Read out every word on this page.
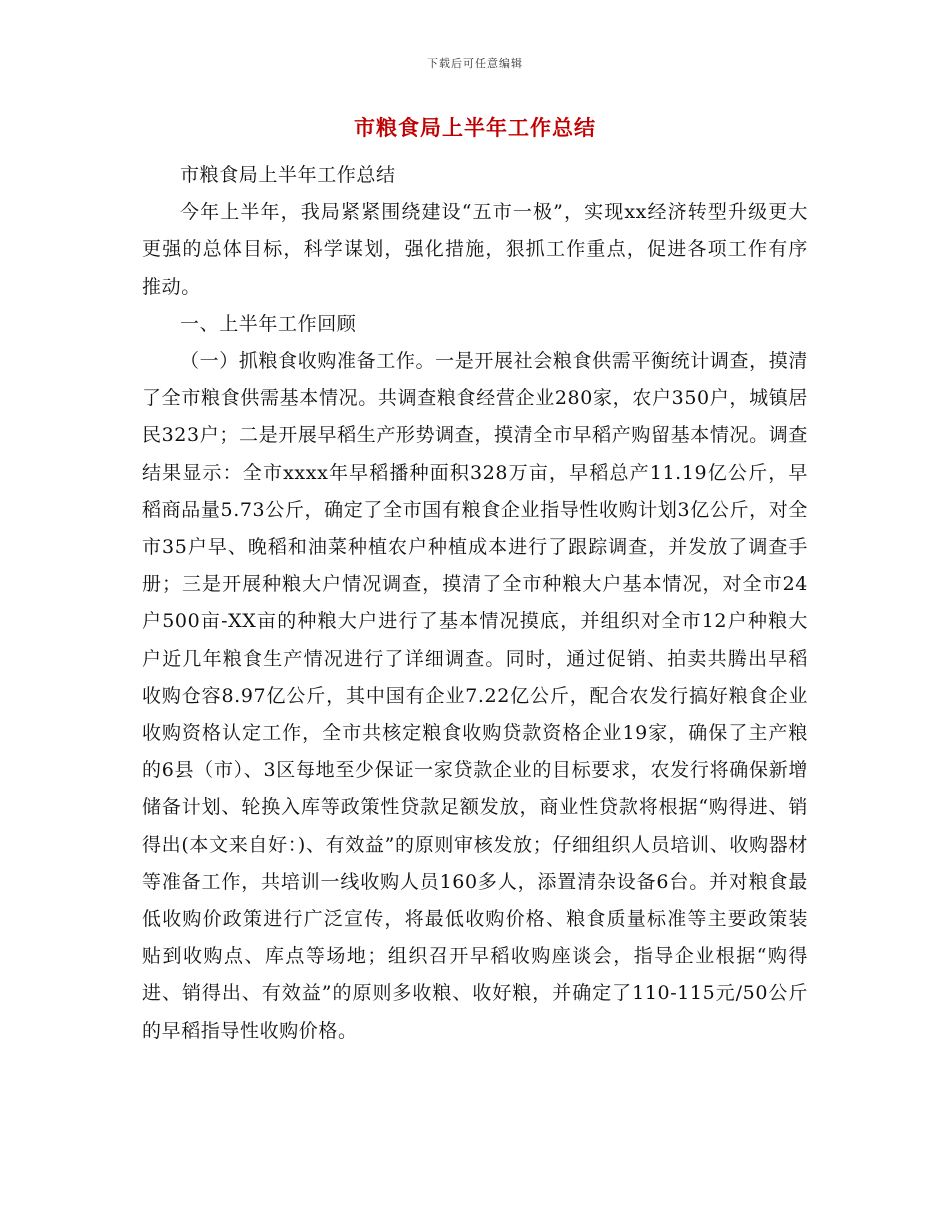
下载后可任意编辑
市粮食局上半年工作总结

市粮食局上半年工作总结

今年上半年，我局紧紧围绕建设“五市一极”，实现xx经济转型升级更大更强的总体目标，科学谋划，强化措施，狠抓工作重点，促进各项工作有序推动。

一、上半年工作回顾

（一）抓粮食收购准备工作。一是开展社会粮食供需平衡统计调查，摸清了全市粮食供需基本情况。共调查粮食经营企业280家，农户350户，城镇居民323户；二是开展早稻生产形势调查，摸清全市早稻产购留基本情况。调查结果显示：全市xxxx年早稻播种面积328万亩，早稻总产11.19亿公斤，早稻商品量5.73公斤，确定了全市国有粮食企业指导性收购计划3亿公斤，对全市35户早、晚稻和油菜种植农户种植成本进行了跟踪调查，并发放了调查手册；三是开展种粮大户情况调查，摸清了全市种粮大户基本情况，对全市24户500亩-XX亩的种粮大户进行了基本情况摸底，并组织对全市12户种粮大户近几年粮食生产情况进行了详细调查。同时，通过促销、拍卖共腾出早稻收购仓容8.97亿公斤，其中国有企业7.22亿公斤，配合农发行搞好粮食企业收购资格认定工作，全市共核定粮食收购贷款资格企业19家，确保了主产粮的6县（市）、3区每地至少保证一家贷款企业的目标要求，农发行将确保新增储备计划、轮换入库等政策性贷款足额发放，商业性贷款将根据“购得进、销得出(本文来自好：)、有效益”的原则审核发放；仔细组织人员培训、收购器材等准备工作，共培训一线收购人员160多人，添置清杂设备6台。并对粮食最低收购价政策进行广泛宣传，将最低收购价格、粮食质量标准等主要政策装贴到收购点、库点等场地；组织召开早稻收购座谈会，指导企业根据“购得进、销得出、有效益”的原则多收粮、收好粮，并确定了110-115元/50公斤的早稻指导性收购价格。
